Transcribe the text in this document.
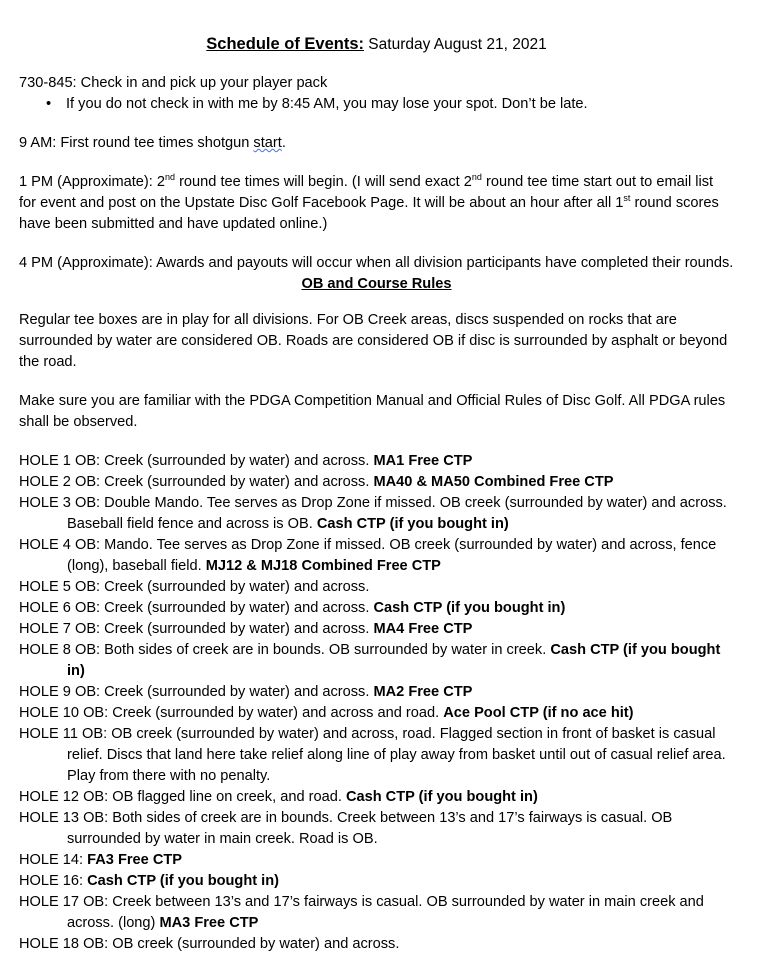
Schedule of Events: Saturday August 21, 2021

730-845: Check in and pick up your player pack

• If you do not check in with me by 8:45 AM, you may lose your spot. Don’t be late.

9 AM: First round tee times shotgun start.

1 PM (Approximate): 2nd round tee times will begin. (I will send exact 2nd round tee time start out to email list for event and post on the Upstate Disc Golf Facebook Page. It will be about an hour after all 1st round scores have been submitted and have updated online.)

4 PM (Approximate): Awards and payouts will occur when all division participants have completed their rounds.

OB and Course Rules

Regular tee boxes are in play for all divisions. For OB Creek areas, discs suspended on rocks that are surrounded by water are considered OB. Roads are considered OB if disc is surrounded by asphalt or beyond the road.

Make sure you are familiar with the PDGA Competition Manual and Official Rules of Disc Golf. All PDGA rules shall be observed.

HOLE 1 OB: Creek (surrounded by water) and across. MA1 Free CTP

HOLE 2 OB: Creek (surrounded by water) and across. MA40 & MA50 Combined Free CTP

HOLE 3 OB: Double Mando. Tee serves as Drop Zone if missed. OB creek (surrounded by water) and across. Baseball field fence and across is OB. Cash CTP (if you bought in)

HOLE 4 OB: Mando. Tee serves as Drop Zone if missed. OB creek (surrounded by water) and across, fence (long), baseball field. MJ12 & MJ18 Combined Free CTP

HOLE 5 OB: Creek (surrounded by water) and across.

HOLE 6 OB: Creek (surrounded by water) and across. Cash CTP (if you bought in)

HOLE 7 OB: Creek (surrounded by water) and across. MA4 Free CTP

HOLE 8 OB: Both sides of creek are in bounds. OB surrounded by water in creek. Cash CTP (if you bought in)

HOLE 9 OB: Creek (surrounded by water) and across. MA2 Free CTP

HOLE 10 OB: Creek (surrounded by water) and across and road. Ace Pool CTP (if no ace hit)

HOLE 11 OB: OB creek (surrounded by water) and across, road. Flagged section in front of basket is casual relief. Discs that land here take relief along line of play away from basket until out of casual relief area. Play from there with no penalty.

HOLE 12 OB: OB flagged line on creek, and road. Cash CTP (if you bought in)

HOLE 13 OB: Both sides of creek are in bounds. Creek between 13’s and 17’s fairways is casual. OB surrounded by water in main creek. Road is OB.

HOLE 14: FA3 Free CTP

HOLE 16: Cash CTP (if you bought in)

HOLE 17 OB: Creek between 13’s and 17’s fairways is casual. OB surrounded by water in main creek and across. (long) MA3 Free CTP

HOLE 18 OB: OB creek (surrounded by water) and across.
